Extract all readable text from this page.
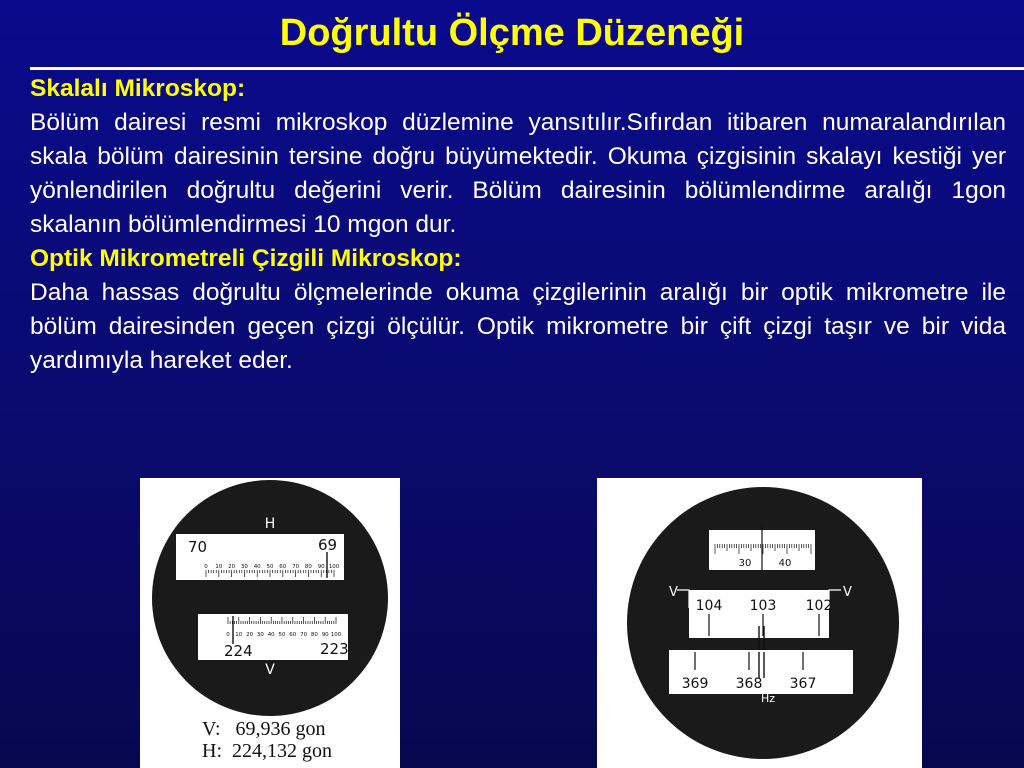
Doğrultu Ölçme Düzeneği
Skalalı Mikroskop:
Bölüm dairesi resmi mikroskop düzlemine yansıtılır.Sıfırdan itibaren numaralandırılan skala bölüm dairesinin tersine doğru büyümektedir. Okuma çizgisinin skalayı kestiği yer yönlendirilen doğrultu değerini verir. Bölüm dairesinin bölümlendirme aralığı 1gon skalanın bölümlendirmesi 10 mgon dur.
Optik Mikrometreli Çizgili Mikroskop:
Daha hassas doğrultu ölçmelerinde okuma çizgilerinin aralığı bir optik mikrometre ile bölüm dairesinden geçen çizgi ölçülür. Optik mikrometre bir çift çizgi taşır ve bir vida yardımıyla hareket eder.
H
70	69
0 10 20 30 40 50 60 70 80 90 100
0 10 20 30 40 50 60 70 80 90 100
224	223
V
V:   69,936 gon
H:  224,132 gon
30	40
V	V
104 103 102
369 368 367
Hz
